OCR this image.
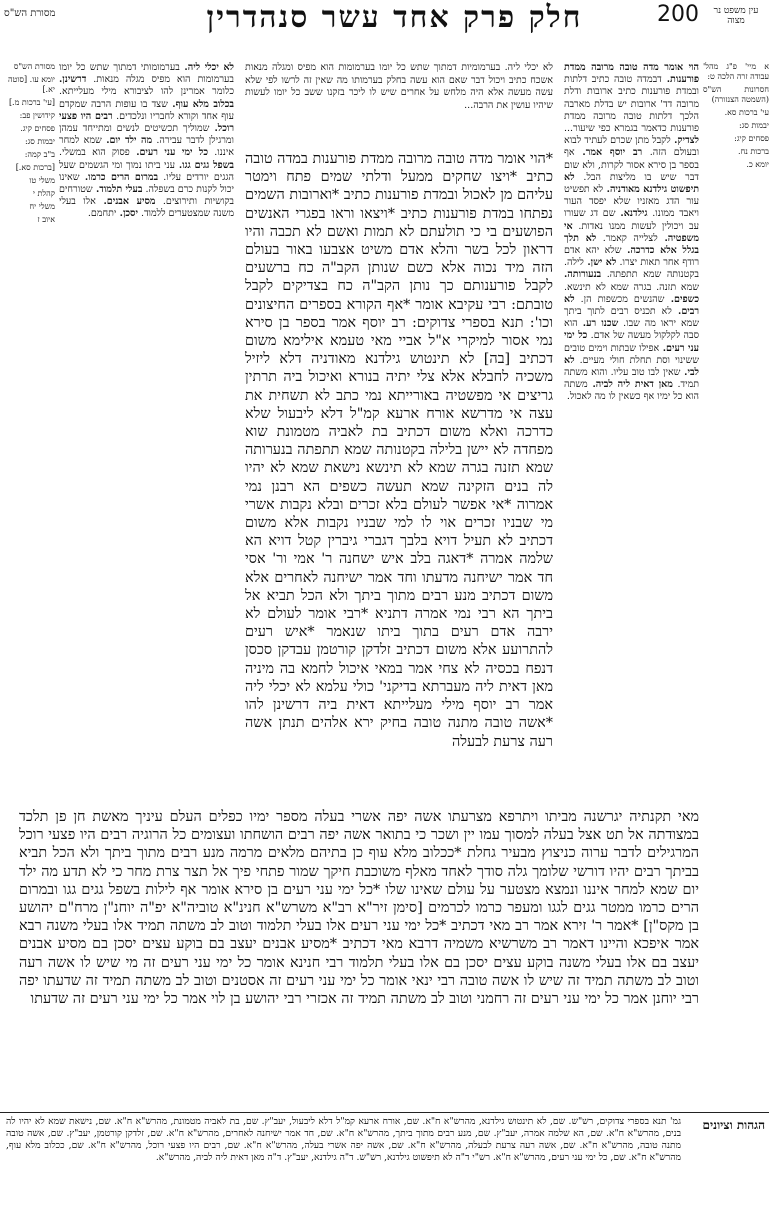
200	עין משפט נר מצוה
חלק פרק אחד עשר סנהדרין
מסורת הש"ס
לא יכלי ליה. בערמומיות דמתוך שתש כל יומו בערמומות הוא מפיס ומגלה מנאות אשכח כתיב ויכול דבר שאם הוא עשה בחלק בערמותו מה שאין זה לרשו לפי שלא עשה מעשה אלא היה מלחש על אחרים שיש לו ליכר בזקנו ששב כל יומו לעשות שיהיו עושין את הרבה...
הוי אומר מדה טובה מרובה ממדת פורענות. דבמדה טובה כתיב דלתות ובמדת פורענות כתיב ארובות ודלת מרובה דד' ארובות יש בדלת מארבה הלכך דלתות טובה מרובה ממדת פורענות כדאמר בגמרא כפי שיעור... לצדיק. לקבל מתן שכרם לעתיד לבוא ובעולם הזה. רב יוסף אמר. אף בספר בן סירא אסור לקרות, ולא שום דבר שיש בו מליצות הבל. לא תיפשוט גילדנא מאודניה. לא תפשיט עור הדג מאזניו שלא יפסד העור ויאבד ממונו. גילדנא. שם דג שעורו עב ויכולין לעשות ממנו נאדות. אי משפטיה. לצלייה קאמר. לא תלך בגלל אלא כדרכה. שלא יהא אדם רודף אחר תאות יצרו. לא ישן. לילה. בקטנותה שמא תתפתה. בנעורותה. שמא תזנה. בגרה שמא לא תינשא. כשפים. שהנשים מכשפות הן. לא רבים. לא תכניס רבים לתוך ביתך שמא יראו מה שבו. שכנו רע. הוא סבה לקלקול מעשה של אדם. כל ימי עני רעים. אפילו שבתות וימים טובים ששינוי וסת תחלת חולי מעיים. לא לבי. שאין לבו טוב עליו. והוא משתה תמיד. מאן דאית ליה לביה. משתה הוא כל ימיו אף כשאין לו מה לאכול.
*הוי אומר מדה טובה מרובה ממדת פורענות במדה טובה כתיב *ויצו שחקים ממעל ודלתי שמים פתח וימטר עליהם מן לאכול ובמדת פורענות כתיב *וארובות השמים נפתחו במדת פורענות כתיב *ויצאו וראו בפגרי האנשים הפושעים בי כי תולעתם לא תמות ואשם לא תכבה והיו דראון לכל בשר והלא אדם משיט אצבעו באור בעולם הזה מיד נכוה אלא כשם שנותן הקב"ה כח ברשעים לקבל פורענותם כך נותן הקב"ה כח בצדיקים לקבל טובתם: רבי עקיבא אומר *אף הקורא בספרים החיצונים וכו': תנא בספרי צדוקים: רב יוסף אמר בספר בן סירא נמי אסור למיקרי א"ל אביי מאי טעמא אילימא משום דכתיב [בה] לא תינטוש גילדנא מאודניה דלא ליזיל משכיה לחבלא אלא צלי יתיה בנורא ואיכול ביה תרתין גריצים אי מפשטיה באורייתא נמי כתב לא תשחית את עצה אי מדרשא אורח ארעא קמ"ל דלא ליבעול שלא כדרכה ואלא משום דכתיב בת לאביה מטמונת שוא מפחדה לא יישן בלילה בקטנותה שמא תתפתה בנערותה שמא תזנה בגרה שמא לא תינשא נישאת שמא לא יהיו לה בנים הזקינה שמא תעשה כשפים הא רבנן נמי אמרוה *אי אפשר לעולם בלא זכרים ובלא נקבות אשרי מי שבניו זכרים אוי לו למי שבניו נקבות אלא משום דכתיב לא תעיל דויא בלבך דגברי גיברין קטל דויא הא שלמה אמרה *דאגה בלב איש ישחנה ר' אמי ור' אסי חד אמר ישיחנה מדעתו וחד אמר ישיחנה לאחרים אלא משום דכתיב מנע רבים מתוך ביתך ולא הכל תביא אל ביתך הא רבי נמי אמרה דתניא *רבי אומר לעולם לא ירבה אדם רעים בתוך ביתו שנאמר *איש רעים להתרועע אלא משום דכתיב זלדקן קורטמן עבדקן סכסן דנפח בכסיה לא צחי אמר במאי איכול לחמא בה מיניה מאן דאית ליה מעברתא בדיקני' כולי עלמא לא יכלי ליה אמר רב יוסף מילי מעלייתא דאית ביה דרשינן להו *אשה טובה מתנה טובה בחיק ירא אלהים תנתן אשה רעה צרעת לבעלה
לא יכלי ליה. בערמומותי דמתוך שתש כל יומו בערמומות הוא מפיס מגלה מנאות. דרשינן. כלומר אמרינן להו לציבורא מילי מעלייתא. בכלוב מלא עוף. שצד בו עופות הרבה שמקדם עוף אחד וקורא לחבריו ונלכדים. רבים היו פצעי רוכל. שמוליך תכשיטים לנשים ומתייחד עמהן ומרגילן לדבר עבירה. מה ילד יום. שמא למחר איננו. כל ימי עני רעים. פסוק הוא במשלי. בשפל גגים גגו. עני ביתו נמוך ומי הגשמים שעל הגגים יורדים עליו. במרום הרים כרמו. שאינו יכול לקנות כרם בשפלה. בעלי תלמוד. שטורחים בקושיות ותירוצים. מסיע אבנים. אלו בעלי משנה שמצטערים ללמוד. יסכן. יתחמם.
א מיי' פ"ג מהל' עבודה זרה הלכה ט:
חסרונות הש"ס (השמטה הצנזורה)
עי' ברכות סא.
יבמות סג:
פסחים קיג:
ברכות נח.
יומא כ.
מסורת הש"ס
יומא עו. [סוטה יא.]
[עי' ברכות מ.]
קידושין פב:
פסחים קיג.
יבמות סג:
ב"ב קמה:
[ברכות סא.]
משלי טו
קהלת י
משלי יח
איוב ז
מאי תקנתיה יגרשנה מביתו ויתרפא מצרעתו אשה יפה אשרי בעלה מספר ימיו כפלים העלם עיניך מאשת חן פן תלכד במצודתה אל תט אצל בעלה למסוך עמו יין ושכר כי בתואר אשה יפה רבים הושחתו ועצומים כל הרוגיה רבים היו פצעי רוכל המרגילים לדבר ערוה כניצוץ מבעיר גחלת *ככלוב מלא עוף כן בתיהם מלאים מרמה מנע רבים מתוך ביתך ולא הכל תביא בביתך רבים יהיו דורשי שלומך גלה סודך לאחד מאלף משוכבת חיקך שמור פתחי פיך אל תצר צרת מחר כי לא תדע מה ילד יום שמא למחר איננו ונמצא מצטער על עולם שאינו שלו *כל ימי עני רעים בן סירא אומר אף לילות בשפל גגים גגו ובמרום הרים כרמו ממטר גגים לגגו ומעפר כרמו לכרמים [סימן זיר"א רב"א משרש"א חנינ"א טוביה"א יפ"ה יוחנ"ן מרח"ם יהושע בן מקס"ן] *אמר ר' זירא אמר רב מאי דכתיב *כל ימי עני רעים אלו בעלי תלמוד וטוב לב משתה תמיד אלו בעלי משנה רבא אמר איפכא והיינו דאמר רב משרשיא משמיה דרבא מאי דכתיב *מסיע אבנים יעצב בם בוקע עצים יסכן בם מסיע אבנים יעצב בם אלו בעלי משנה בוקע עצים יסכן בם אלו בעלי תלמוד רבי חנינא אומר כל ימי עני רעים זה מי שיש לו אשה רעה וטוב לב משתה תמיד זה שיש לו אשה טובה רבי ינאי אומר כל ימי עני רעים זה אסטנים וטוב לב משתה תמיד זה שדעתו יפה רבי יוחנן אמר כל ימי עני רעים זה רחמני וטוב לב משתה תמיד זה אכזרי רבי יהושע בן לוי אמר כל ימי עני רעים זה שדעתו
הגהות וציונים
גמ' תנא בספרי צדוקים, רש"ש. שם, לא תינטוש גילדנא, מהרש"א ח"א. שם, אורח ארעא קמ"ל דלא ליבעול, יעב"ץ. שם, בת לאביה מטמונת, מהרש"א ח"א. שם, נישאת שמא לא יהיו לה בנים, מהרש"א ח"א. שם, הא שלמה אמרה, יעב"ץ. שם, מנע רבים מתוך ביתך, מהרש"א ח"א. שם, חד אמר ישיחנה לאחרים, מהרש"א ח"א. שם, זלדקן קורטמן, יעב"ץ. שם, אשה טובה מתנה טובה, מהרש"א ח"א. שם, אשה רעה צרעת לבעלה, מהרש"א ח"א. שם, אשה יפה אשרי בעלה, מהרש"א ח"א. שם, רבים היו פצעי רוכל, מהרש"א ח"א. שם, ככלוב מלא עוף, מהרש"א ח"א. שם, כל ימי עני רעים, מהרש"א ח"א. רש"י ד"ה לא תיפשוט גילדנא, רש"ש. ד"ה גילדנא, יעב"ץ. ד"ה מאן דאית ליה לביה, מהרש"א.
